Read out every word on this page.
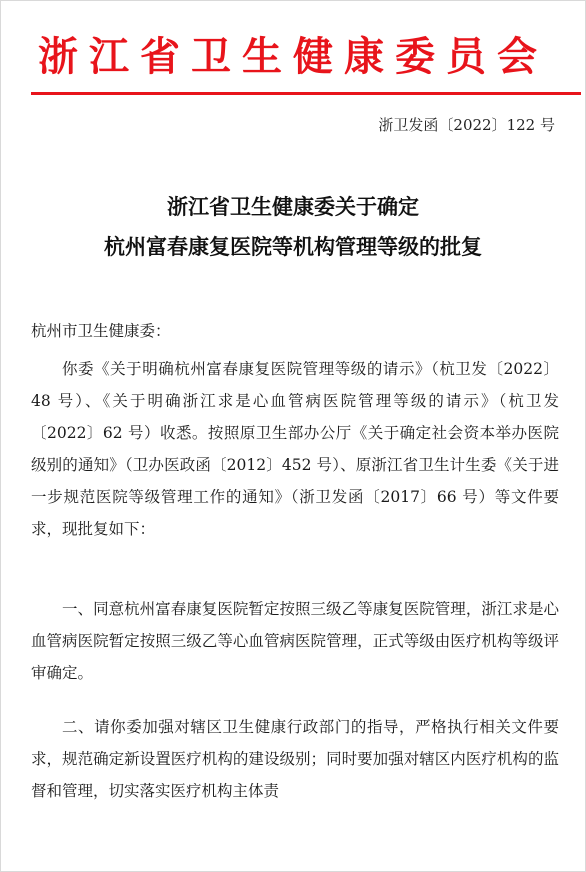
浙江省卫生健康委员会
浙卫发函〔2022〕122 号
浙江省卫生健康委关于确定
杭州富春康复医院等机构管理等级的批复
杭州市卫生健康委：

你委《关于明确杭州富春康复医院管理等级的请示》（杭卫发〔2022〕48 号）、《关于明确浙江求是心血管病医院管理等级的请示》（杭卫发〔2022〕62 号）收悉。按照原卫生部办公厅《关于确定社会资本举办医院级别的通知》（卫办医政函〔2012〕452 号）、原浙江省卫生计生委《关于进一步规范医院等级管理工作的通知》（浙卫发函〔2017〕66 号）等文件要求，现批复如下：

一、同意杭州富春康复医院暂定按照三级乙等康复医院管理，浙江求是心血管病医院暂定按照三级乙等心血管病医院管理，正式等级由医疗机构等级评审确定。

二、请你委加强对辖区卫生健康行政部门的指导，严格执行相关文件要求，规范确定新设置医疗机构的建设级别；同时要加强对辖区内医疗机构的监督和管理，切实落实医疗机构主体责
